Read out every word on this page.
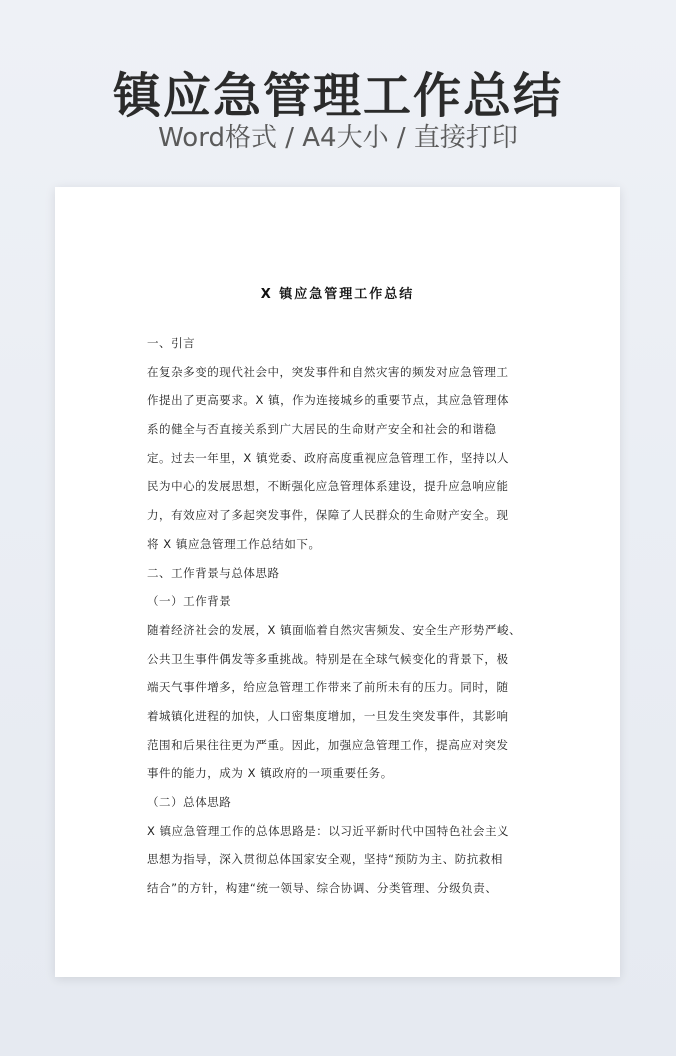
镇应急管理工作总结
Word格式 / A4大小 / 直接打印
X 镇应急管理工作总结
一、引言
在复杂多变的现代社会中，突发事件和自然灾害的频发对应急管理工
作提出了更高要求。X 镇，作为连接城乡的重要节点，其应急管理体
系的健全与否直接关系到广大居民的生命财产安全和社会的和谐稳
定。过去一年里，X 镇党委、政府高度重视应急管理工作，坚持以人
民为中心的发展思想，不断强化应急管理体系建设，提升应急响应能
力，有效应对了多起突发事件，保障了人民群众的生命财产安全。现
将 X 镇应急管理工作总结如下。
二、工作背景与总体思路
（一）工作背景
随着经济社会的发展，X 镇面临着自然灾害频发、安全生产形势严峻、
公共卫生事件偶发等多重挑战。特别是在全球气候变化的背景下，极
端天气事件增多，给应急管理工作带来了前所未有的压力。同时，随
着城镇化进程的加快，人口密集度增加，一旦发生突发事件，其影响
范围和后果往往更为严重。因此，加强应急管理工作，提高应对突发
事件的能力，成为 X 镇政府的一项重要任务。
（二）总体思路
X 镇应急管理工作的总体思路是：以习近平新时代中国特色社会主义
思想为指导，深入贯彻总体国家安全观，坚持“预防为主、防抗救相
结合”的方针，构建“统一领导、综合协调、分类管理、分级负责、
